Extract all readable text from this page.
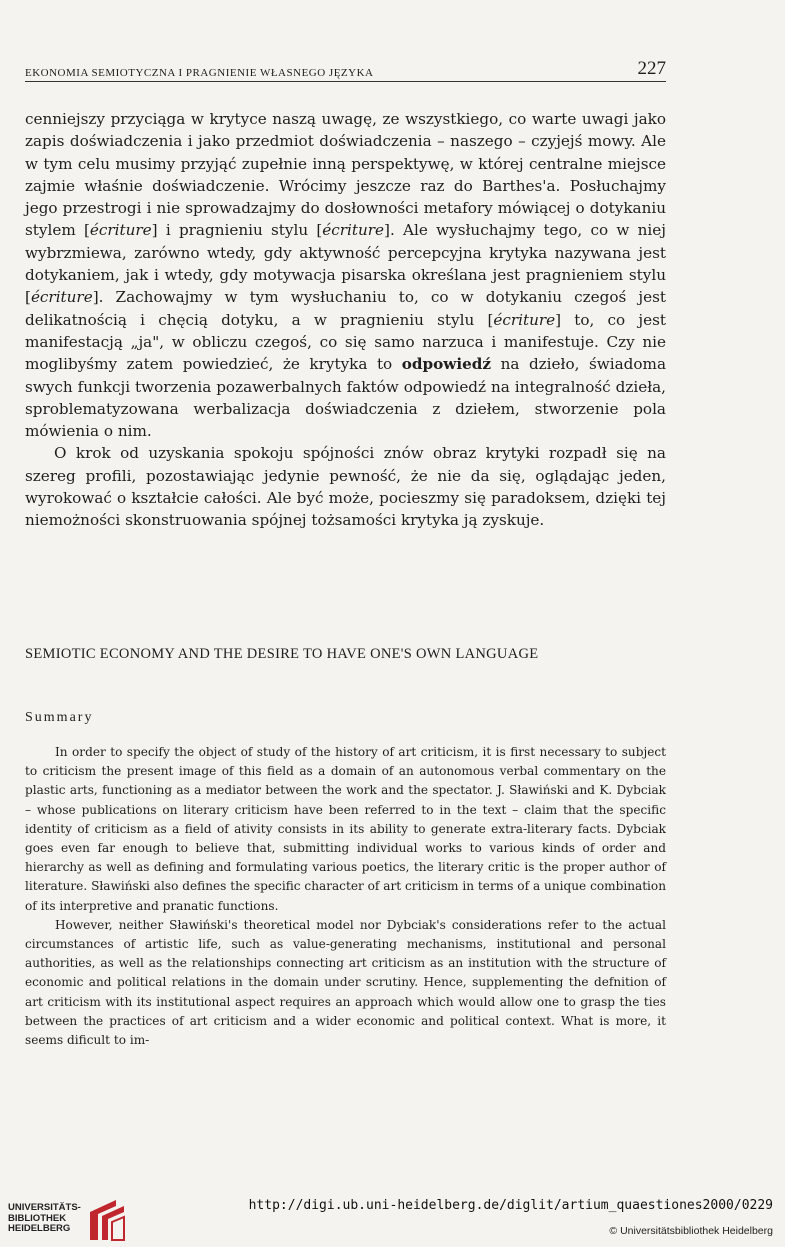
EKONOMIA SEMIOTYCZNA I PRAGNIENIE WŁASNEGO JĘZYKA	227

cenniejszy przyciąga w krytyce naszą uwagę, ze wszystkiego, co warte uwagi jako zapis doświadczenia i jako przedmiot doświadczenia – naszego – czyjejś mowy. Ale w tym celu musimy przyjąć zupełnie inną perspektywę, w której centralne miejsce zajmie właśnie doświadczenie. Wrócimy jeszcze raz do Barthes'a. Posłuchajmy jego przestrogi i nie sprowadzajmy do dosłowności metafory mówiącej o dotykaniu stylem [écriture] i pragnieniu stylu [écriture]. Ale wysłuchajmy tego, co w niej wybrzmiewa, zarówno wtedy, gdy aktywność percepcyjna krytyka nazywana jest dotykaniem, jak i wtedy, gdy motywacja pisarska określana jest pragnieniem stylu [écriture]. Zachowajmy w tym wysłuchaniu to, co w dotykaniu czegoś jest delikatnością i chęcią dotyku, a w pragnieniu stylu [écriture] to, co jest manifestacją „ja", w obliczu czegoś, co się samo narzuca i manifestuje. Czy nie moglibyśmy zatem powiedzieć, że krytyka to odpowiedź na dzieło, świadoma swych funkcji tworzenia pozawerbalnych faktów odpowiedź na integralność dzieła, sproblematyzowana werbalizacja doświadczenia z dziełem, stworzenie pola mówienia o nim.

O krok od uzyskania spokoju spójności znów obraz krytyki rozpadł się na szereg profili, pozostawiając jedynie pewność, że nie da się, oglądając jeden, wyrokować o kształcie całości. Ale być może, pocieszmy się paradoksem, dzięki tej niemożności skonstruowania spójnej tożsamości krytyka ją zyskuje.

SEMIOTIC ECONOMY AND THE DESIRE TO HAVE ONE'S OWN LANGUAGE
Summary

In order to specify the object of study of the history of art criticism, it is first necessary to subject to criticism the present image of this field as a domain of an autonomous verbal commentary on the plastic arts, functioning as a mediator between the work and the spectator. J. Sławiński and K. Dybciak – whose publications on literary criticism have been referred to in the text – claim that the specific identity of criticism as a field of ativity consists in its ability to generate extra-literary facts. Dybciak goes even far enough to believe that, submitting individual works to various kinds of order and hierarchy as well as defining and formulating various poetics, the literary critic is the proper author of literature. Sławiński also defines the specific character of art criticism in terms of a unique combination of its interpretive and pranatic functions.

However, neither Sławiński's theoretical model nor Dybciak's considerations refer to the actual circumstances of artistic life, such as value-generating mechanisms, institutional and personal authorities, as well as the relationships connecting art criticism as an institution with the structure of economic and political relations in the domain under scrutiny. Hence, supplementing the defnition of art criticism with its institutional aspect requires an approach which would allow one to grasp the ties between the practices of art criticism and a wider economic and political context. What is more, it seems dificult to im-

UNIVERSITÄTS-
BIBLIOTHEK
HEIDELBERG
http://digi.ub.uni-heidelberg.de/diglit/artium_quaestiones2000/0229
© Universitätsbibliothek Heidelberg
